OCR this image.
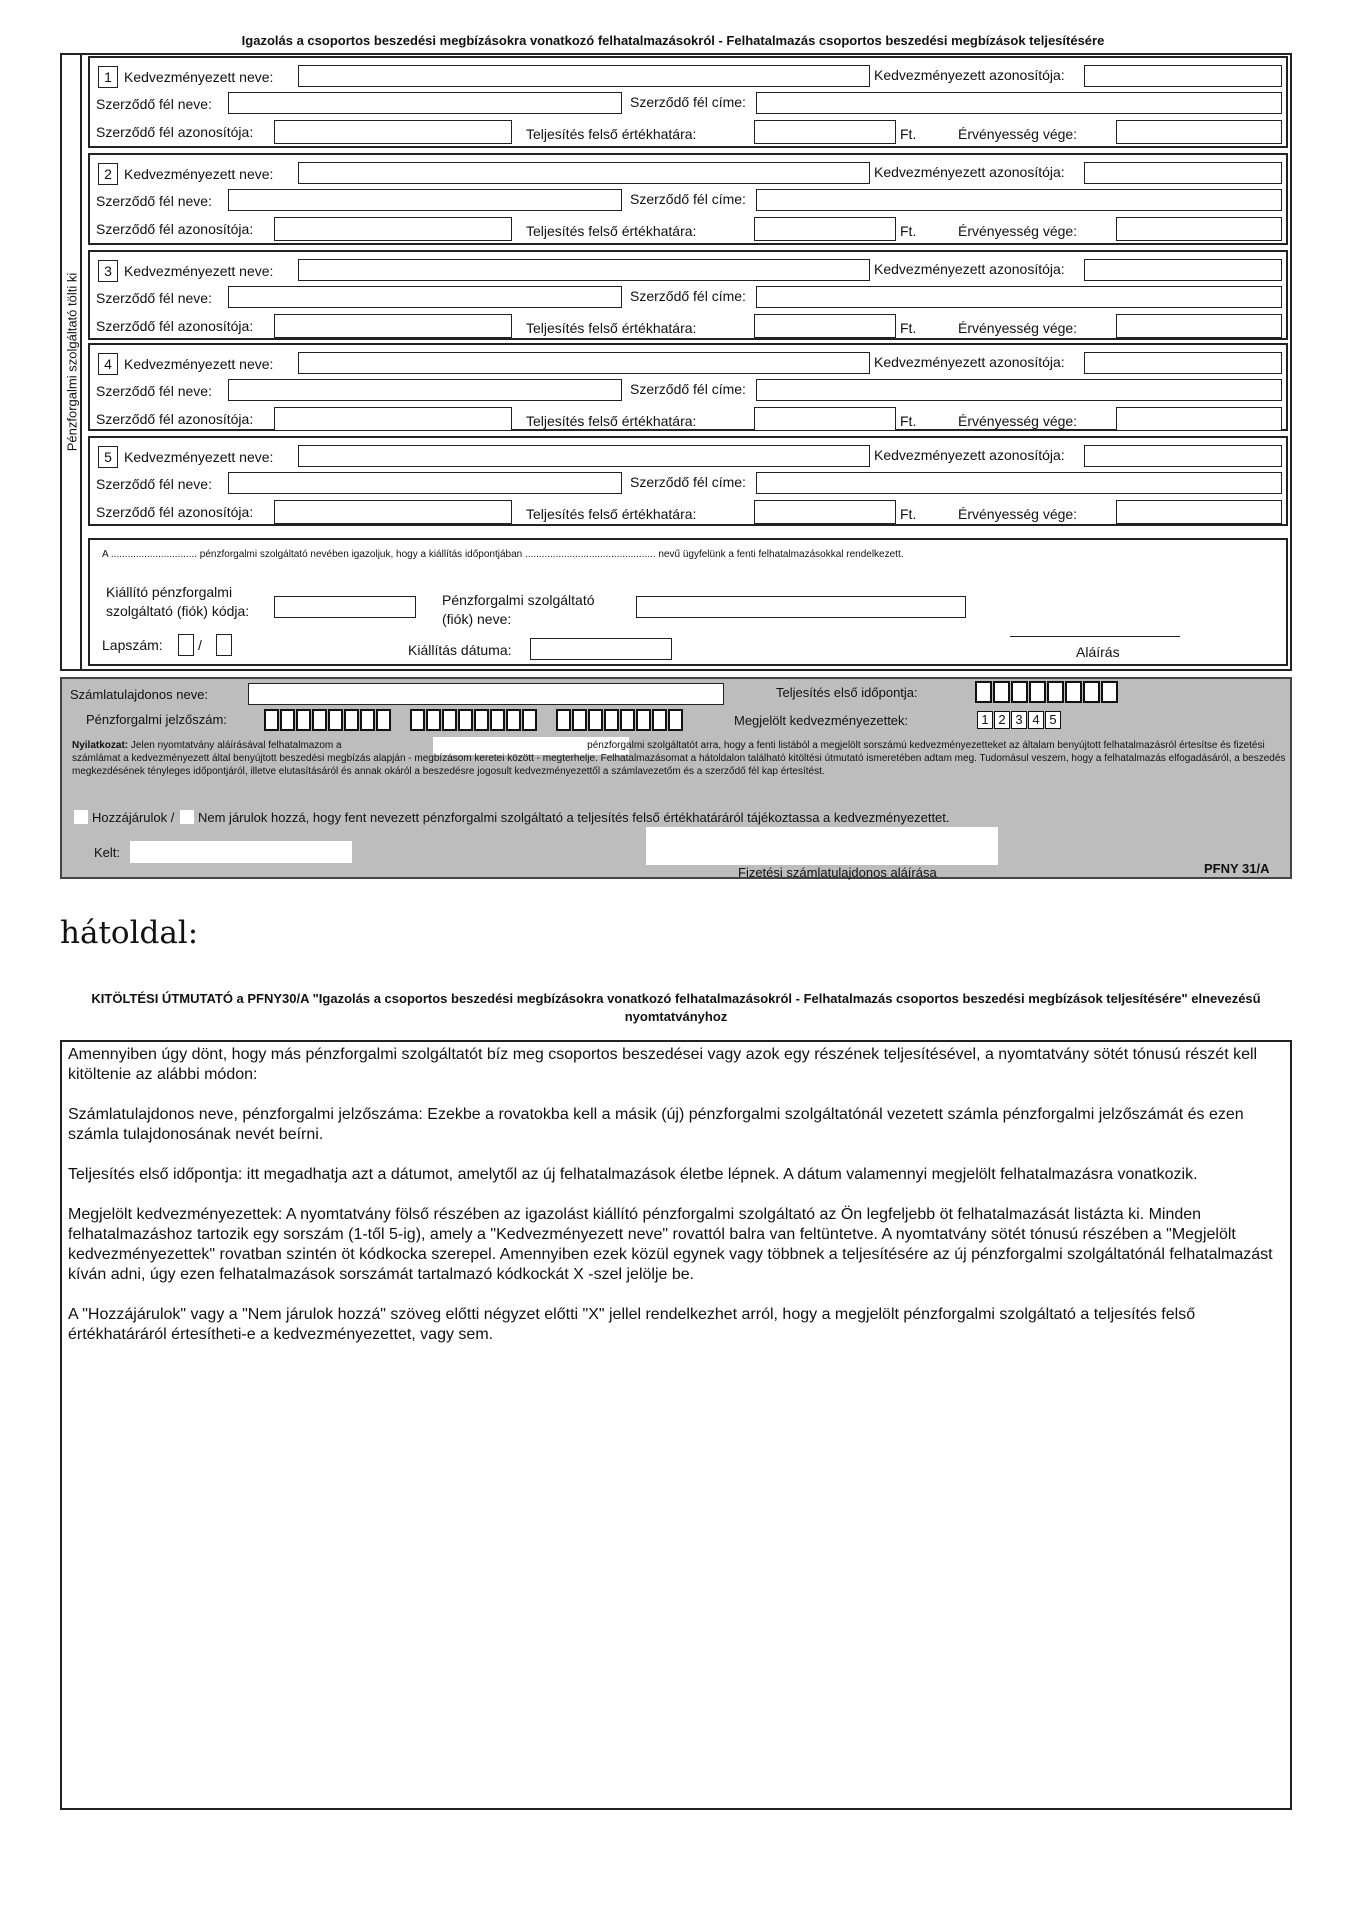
Igazolás a csoportos beszedési megbízásokra vonatkozó felhatalmazásokról - Felhatalmazás csoportos beszedési megbízások teljesítésére
Pénzforgalmi szolgáltató tölti ki
1 Kedvezményezett neve:	Kedvezményezett azonosítója:
Szerződő fél neve:	Szerződő fél címe:
Szerződő fél azonosítója:	Teljesítés felső értékhatára:	Ft.	Érvényesség vége:
2 Kedvezményezett neve:	Kedvezményezett azonosítója:
Szerződő fél neve:	Szerződő fél címe:
Szerződő fél azonosítója:	Teljesítés felső értékhatára:	Ft.	Érvényesség vége:
3 Kedvezményezett neve:	Kedvezményezett azonosítója:
Szerződő fél neve:	Szerződő fél címe:
Szerződő fél azonosítója:	Teljesítés felső értékhatára:	Ft.	Érvényesség vége:
4 Kedvezményezett neve:	Kedvezményezett azonosítója:
Szerződő fél neve:	Szerződő fél címe:
Szerződő fél azonosítója:	Teljesítés felső értékhatára:	Ft.	Érvényesség vége:
5 Kedvezményezett neve:	Kedvezményezett azonosítója:
Szerződő fél neve:	Szerződő fél címe:
Szerződő fél azonosítója:	Teljesítés felső értékhatára:	Ft.	Érvényesség vége:
A ............................... pénzforgalmi szolgáltató nevében igazoljuk, hogy a kiállítás időpontjában ............................................... nevű ügyfelünk a fenti felhatalmazásokkal rendelkezett.
Kiállító pénzforgalmi
szolgáltató (fiók) kódja:
Pénzforgalmi szolgáltató
(fiók) neve:
Lapszám:	/	Kiállítás dátuma:	Aláírás
Számlatulajdonos neve:	Teljesítés első időpontja:
Pénzforgalmi jelzőszám:	Megjelölt kedvezményezettek:	1 2 3 4 5
Nyilatkozat: Jelen nyomtatvány aláírásával felhatalmazom a	pénzforgalmi szolgáltatót arra, hogy a fenti listából a megjelölt sorszámú kedvezményezetteket az általam benyújtott felhatalmazásról értesítse és fizetési számlámat a kedvezményezett által benyújtott beszedési megbízás alapján - megbízásom keretei között - megterhelje. Felhatalmazásomat a hátoldalon található kitöltési útmutató ismeretében adtam meg. Tudomásul veszem, hogy a felhatalmazás elfogadásáról, a beszedés megkezdésének tényleges időpontjáról, illetve elutasításáról és annak okáról a beszedésre jogosult kedvezményezettől a számlavezetőm és a szerződő fél kap értesítést.
Hozzájárulok / Nem járulok hozzá, hogy fent nevezett pénzforgalmi szolgáltató a teljesítés felső értékhatáráról tájékoztassa a kedvezményezettet.
Kelt:
Fizetési számlatulajdonos aláírása	PFNY 31/A
hátoldal:
KITÖLTÉSI ÚTMUTATÓ a PFNY30/A "Igazolás a csoportos beszedési megbízásokra vonatkozó felhatalmazásokról - Felhatalmazás csoportos beszedési megbízások teljesítésére" elnevezésű nyomtatványhoz

Amennyiben úgy dönt, hogy más pénzforgalmi szolgáltatót bíz meg csoportos beszedései vagy azok egy részének teljesítésével, a nyomtatvány sötét tónusú részét kell kitöltenie az alábbi módon:

Számlatulajdonos neve, pénzforgalmi jelzőszáma: Ezekbe a rovatokba kell a másik (új) pénzforgalmi szolgáltatónál vezetett számla pénzforgalmi jelzőszámát és ezen számla tulajdonosának nevét beírni.

Teljesítés első időpontja: itt megadhatja azt a dátumot, amelytől az új felhatalmazások életbe lépnek. A dátum valamennyi megjelölt felhatalmazásra vonatkozik.

Megjelölt kedvezményezettek: A nyomtatvány fölső részében az igazolást kiállító pénzforgalmi szolgáltató az Ön legfeljebb öt felhatalmazását listázta ki. Minden felhatalmazáshoz tartozik egy sorszám (1-től 5-ig), amely a "Kedvezményezett neve" rovattól balra van feltüntetve. A nyomtatvány sötét tónusú részében a "Megjelölt kedvezményezettek" rovatban szintén öt kódkocka szerepel. Amennyiben ezek közül egynek vagy többnek a teljesítésére az új pénzforgalmi szolgáltatónál felhatalmazást kíván adni, úgy ezen felhatalmazások sorszámát tartalmazó kódkockát X -szel jelölje be.

A "Hozzájárulok" vagy a "Nem járulok hozzá" szöveg előtti négyzet előtti "X" jellel rendelkezhet arról, hogy a megjelölt pénzforgalmi szolgáltató a teljesítés felső értékhatáráról értesítheti-e a kedvezményezettet, vagy sem.
